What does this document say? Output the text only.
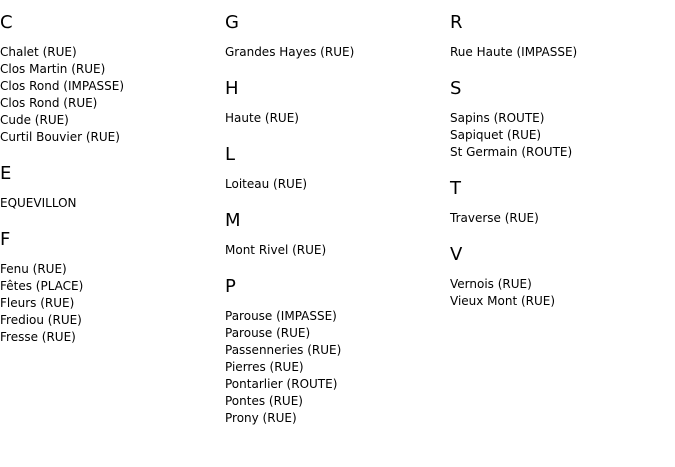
C
Chalet (RUE)
Clos Martin (RUE)
Clos Rond (IMPASSE)
Clos Rond (RUE)
Cude (RUE)
Curtil Bouvier (RUE)
E
EQUEVILLON
F
Fenu (RUE)
Fêtes (PLACE)
Fleurs (RUE)
Frediou (RUE)
Fresse (RUE)
G
Grandes Hayes (RUE)
H
Haute (RUE)
L
Loiteau (RUE)
M
Mont Rivel (RUE)
P
Parouse (IMPASSE)
Parouse (RUE)
Passenneries (RUE)
Pierres (RUE)
Pontarlier (ROUTE)
Pontes (RUE)
Prony (RUE)
R
Rue Haute (IMPASSE)
S
Sapins (ROUTE)
Sapiquet (RUE)
St Germain (ROUTE)
T
Traverse (RUE)
V
Vernois (RUE)
Vieux Mont (RUE)
